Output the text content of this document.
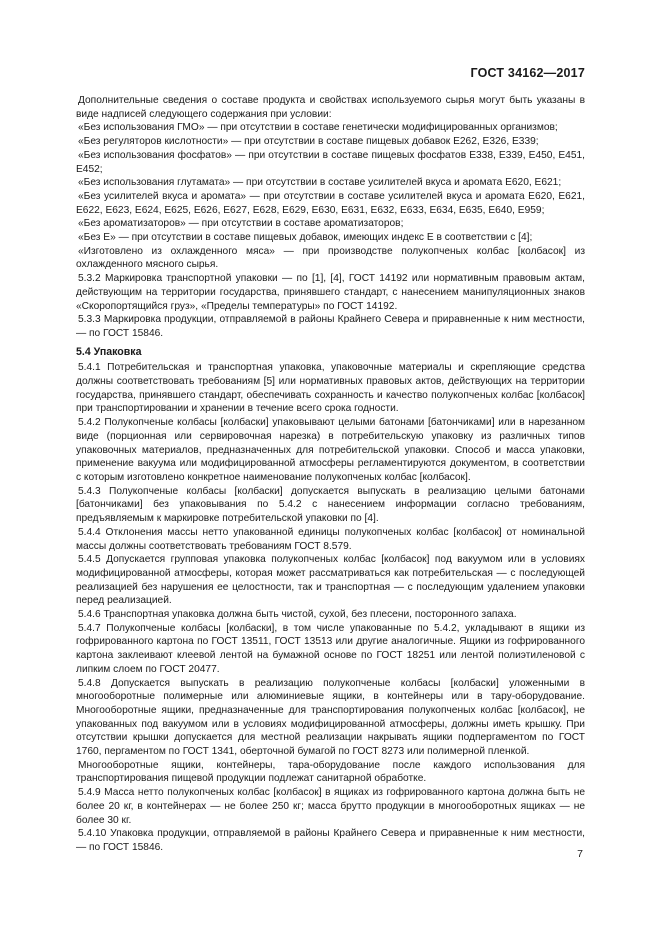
ГОСТ 34162—2017
Дополнительные сведения о составе продукта и свойствах используемого сырья могут быть указаны в виде надписей следующего содержания при условии:
«Без использования ГМО» — при отсутствии в составе генетически модифицированных организмов;
«Без регуляторов кислотности» — при отсутствии в составе пищевых добавок Е262, Е326, Е339;
«Без использования фосфатов» — при отсутствии в составе пищевых фосфатов Е338, Е339, Е450, Е451, Е452;
«Без использования глутамата» — при отсутствии в составе усилителей вкуса и аромата Е620, Е621;
«Без усилителей вкуса и аромата» — при отсутствии в составе усилителей вкуса и аромата Е620, Е621, Е622, Е623, Е624, Е625, Е626, Е627, Е628, Е629, Е630, Е631, Е632, Е633, Е634, Е635, Е640, Е959;
«Без ароматизаторов» — при отсутствии в составе ароматизаторов;
«Без Е» — при отсутствии в составе пищевых добавок, имеющих индекс Е в соответствии с [4];
«Изготовлено из охлажденного мяса» — при производстве полукопченых колбас [колбасок] из охлажденного мясного сырья.
5.3.2 Маркировка транспортной упаковки — по [1], [4], ГОСТ 14192 или нормативным правовым актам, действующим на территории государства, принявшего стандарт, с нанесением манипуляционных знаков «Скоропортящийся груз», «Пределы температуры» по ГОСТ 14192.
5.3.3 Маркировка продукции, отправляемой в районы Крайнего Севера и приравненные к ним местности, — по ГОСТ 15846.
5.4 Упаковка
5.4.1 Потребительская и транспортная упаковка, упаковочные материалы и скрепляющие средства должны соответствовать требованиям [5] или нормативных правовых актов, действующих на территории государства, принявшего стандарт, обеспечивать сохранность и качество полукопченых колбас [колбасок] при транспортировании и хранении в течение всего срока годности.
5.4.2 Полукопченые колбасы [колбаски] упаковывают целыми батонами [батончиками] или в нарезанном виде (порционная или сервировочная нарезка) в потребительскую упаковку из различных типов упаковочных материалов, предназначенных для потребительской упаковки. Способ и масса упаковки, применение вакуума или модифицированной атмосферы регламентируются документом, в соответствии с которым изготовлено конкретное наименование полукопченых колбас [колбасок].
5.4.3 Полукопченые колбасы [колбаски] допускается выпускать в реализацию целыми батонами [батончиками] без упаковывания по 5.4.2 с нанесением информации согласно требованиям, предъявляемым к маркировке потребительской упаковки по [4].
5.4.4 Отклонения массы нетто упакованной единицы полукопченых колбас [колбасок] от номинальной массы должны соответствовать требованиям ГОСТ 8.579.
5.4.5 Допускается групповая упаковка полукопченых колбас [колбасок] под вакуумом или в условиях модифицированной атмосферы, которая может рассматриваться как потребительская — с последующей реализацией без нарушения ее целостности, так и транспортная — с последующим удалением упаковки перед реализацией.
5.4.6 Транспортная упаковка должна быть чистой, сухой, без плесени, посторонного запаха.
5.4.7 Полукопченые колбасы [колбаски], в том числе упакованные по 5.4.2, укладывают в ящики из гофрированного картона по ГОСТ 13511, ГОСТ 13513 или другие аналогичные. Ящики из гофрированного картона заклеивают клеевой лентой на бумажной основе по ГОСТ 18251 или лентой полиэтиленовой с липким слоем по ГОСТ 20477.
5.4.8 Допускается выпускать в реализацию полукопченые колбасы [колбаски] уложенными в многооборотные полимерные или алюминиевые ящики, в контейнеры или в тару-оборудование. Многооборотные ящики, предназначенные для транспортирования полукопченых колбас [колбасок], не упакованных под вакуумом или в условиях модифицированной атмосферы, должны иметь крышку. При отсутствии крышки допускается для местной реализации накрывать ящики подпергаментом по ГОСТ 1760, пергаментом по ГОСТ 1341, оберточной бумагой по ГОСТ 8273 или полимерной пленкой.
Многооборотные ящики, контейнеры, тара-оборудование после каждого использования для транспортирования пищевой продукции подлежат санитарной обработке.
5.4.9 Масса нетто полукопченых колбас [колбасок] в ящиках из гофрированного картона должна быть не более 20 кг, в контейнерах — не более 250 кг; масса брутто продукции в многооборотных ящиках — не более 30 кг.
5.4.10 Упаковка продукции, отправляемой в районы Крайнего Севера и приравненные к ним местности, — по ГОСТ 15846.
7
